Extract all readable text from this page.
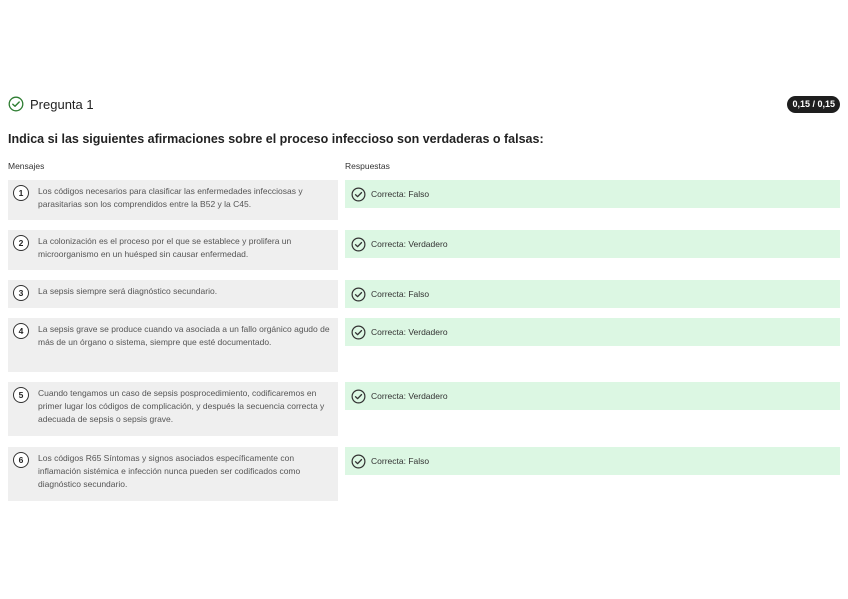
Pregunta 1	0,15 / 0,15
Indica si las siguientes afirmaciones sobre el proceso infeccioso son verdaderas o falsas:
Mensajes	Respuestas
1	Los códigos necesarios para clasificar las enfermedades infecciosas y parasitarias son los comprendidos entre la B52 y la C45.
Correcta: Falso
2	La colonización es el proceso por el que se establece y prolifera un microorganismo en un huésped sin causar enfermedad.
Correcta: Verdadero
3	La sepsis siempre será diagnóstico secundario.	Correcta: Falso
4	La sepsis grave se produce cuando va asociada a un fallo orgánico agudo de más de un órgano o sistema, siempre que esté documentado.
Correcta: Verdadero
5	Cuando tengamos un caso de sepsis posprocedimiento, codificaremos en primer lugar los códigos de complicación, y después la secuencia correcta y adecuada de sepsis o sepsis grave.
Correcta: Verdadero
6	Los códigos R65 Síntomas y signos asociados específicamente con inflamación sistémica e infección nunca pueden ser codificados como diagnóstico secundario.
Correcta: Falso
